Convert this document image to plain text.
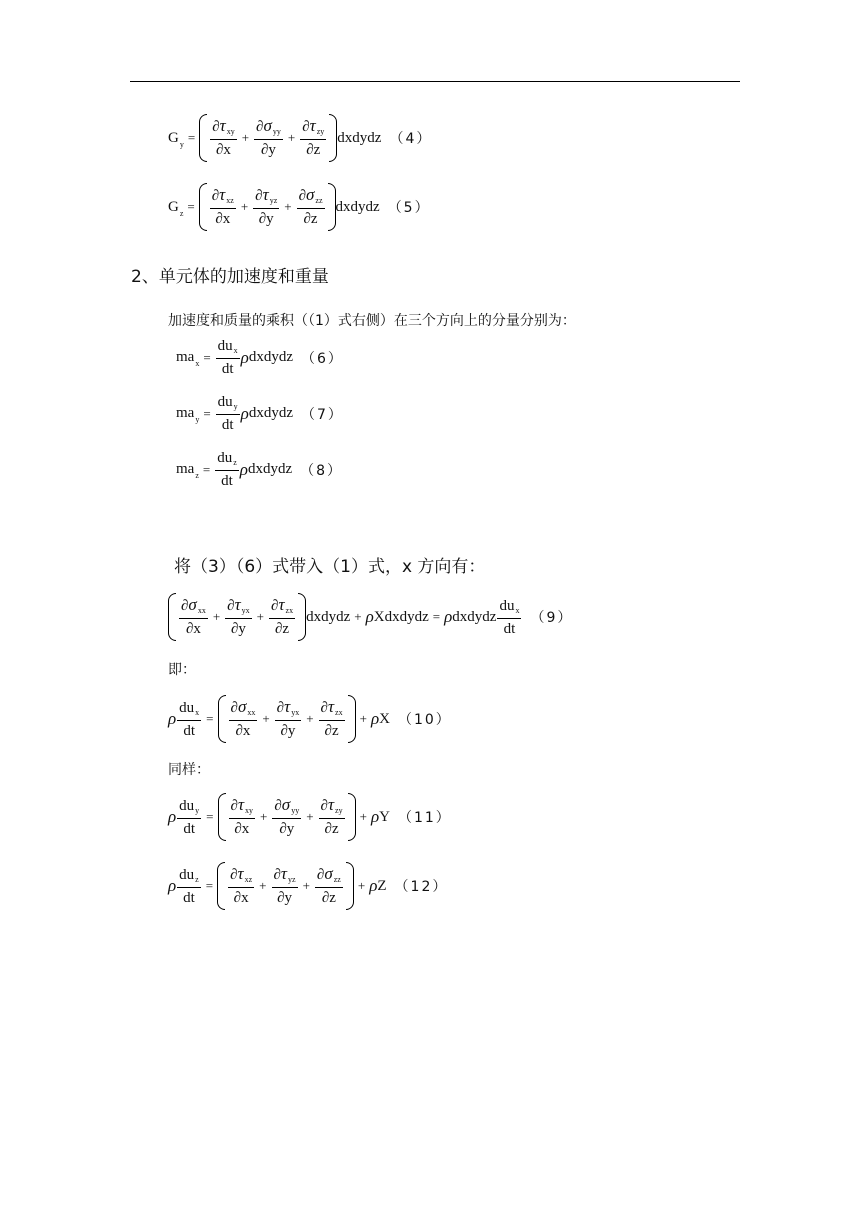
G $y = \frac{\text{∂ τ xy}}{\partial x} + \frac{\text{∂ σ yy}}{\partial y} + \frac{\text{∂ τ zy}}{\partial z}$ dxdydz （4）
G $z = \frac{\text{∂ τ xz}}{\partial x} + \frac{\text{∂ τ yz}}{\partial y} + \frac{\text{∂ σ zz}}{\partial z}$ dxdydz （5）
2、单元体的加速度和重量
加速度和质量的乘积（（1）式右侧）在三个方向上的分量分别为：
ma $x = \frac{\text{du x}}{dt}$ ρ dxdydz （6）
ma $y = \frac{\text{du y}}{dt}$ ρ dxdydz （7）
ma $z = \frac{\text{du z}}{dt}$ ρ dxdydz （8）
将（3）（6）式带入（1）式，x 方向有：
$\frac{\text{∂ σ xx}}{\partial x} + \frac{\text{∂ τ yx}}{\partial y} + \frac{\text{∂ τ zx}}{\partial z}$ dxdydz + ρ Xdxdydz = ρ dxdydz $\frac{\text{du x}}{dt} (9)$
即：
ρ $\frac{\text{du x}}{dt} = \frac{\text{∂ σ xx}}{\partial x} + \frac{\text{∂ τ yx}}{\partial y} + \frac{\text{∂ τ zx}}{\partial z} + \rho$ X （10）
同样：
ρ $\frac{\text{du y}}{dt} = \frac{\text{∂ τ xy}}{\partial x} + \frac{\text{∂ σ yy}}{\partial y} + \frac{\text{∂ τ zy}}{\partial z} + \rho$ Y （11）
ρ $\frac{\text{du z}}{dt} = \frac{\text{∂ τ xz}}{\partial x} + \frac{\text{∂ τ yz}}{\partial y} + \frac{\text{∂ σ zz}}{\partial z} + \rho$ Z （12）
